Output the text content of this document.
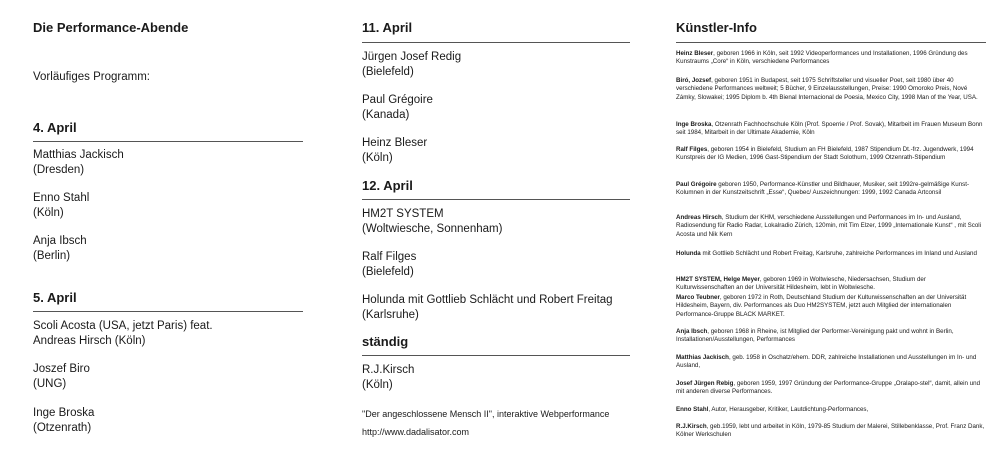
Die Performance-Abende
Vorläufiges Programm:
4. April
Matthias Jackisch
(Dresden)
Enno Stahl
(Köln)
Anja Ibsch
(Berlin)
5. April
Scoli Acosta (USA, jetzt Paris) feat.
Andreas Hirsch (Köln)
Joszef Biro
(UNG)
Inge Broska
(Otzenrath)
11. April
Jürgen Josef Redig
(Bielefeld)
Paul Grégoire
(Kanada)
Heinz Bleser
(Köln)
12. April
HM2T SYSTEM
(Woltwiesche, Sonnenham)
Ralf Filges
(Bielefeld)
Holunda mit Gottlieb Schlächt und Robert Freitag
(Karlsruhe)
ständig
R.J.Kirsch
(Köln)
"Der angeschlossene Mensch II", interaktive Webperformance
http://www.dadalisator.com
Künstler-Info
Heinz Bleser, geboren 1966 in Köln, seit 1992 Videoperformances und Installationen, 1996 Gründung des Kunstraums „Core“ in Köln, verschiedene Performances
Biró, Jozsef, geboren 1951 in Budapest, seit 1975 Schriftsteller und visueller Poet, seit 1980 über 40 verschiedene Performances weltweit; 5 Bücher, 9 Einzelausstellungen, Preise: 1990 Omoroko Preis, Nové Zámky, Slowakei; 1995 Diplom b. 4th Bienal Internacional de Poesia, Mexico City, 1998 Man of the Year, USA.
Inge Broska, Otzenrath Fachhochschule Köln (Prof. Spoerrie / Prof. Sovak), Mitarbeit im Frauen Museum Bonn seit 1984, Mitarbeit in der Ultimate Akademie, Köln
Ralf Filges, geboren 1954 in Bielefeld, Studium an FH Bielefeld, 1987 Stipendium Dt.-frz. Jugendwerk, 1994 Kunstpreis der IG Medien, 1996 Gast-Stipendium der Stadt Solothurn, 1999 Otzenrath-Stipendium
Paul Grégoire geboren 1950, Performance-Künstler und Bildhauer, Musiker, seit 1992re-gelmäßige Kunst-Kolumnen in der Kunstzeitschrift „Esse“, Quebec/ Auszeichnungen: 1999, 1992 Canada Artconsil
Andreas Hirsch, Studium der KHM, verschiedene Ausstellungen und Performances im In- und Ausland, Radiosendung für Radio Radar, Lokalradio Zürich, 120min, mit Tim Elzer, 1999 „Internationale Kunst“ , mit Scoli Acosta und Nik Kern
Holunda mit Gottlieb Schlächt und Robert Freitag, Karlsruhe, zahlreiche Performances im Inland und Ausland
HM2T SYSTEM, Helge Meyer, geboren 1969 in Woltwiesche, Niedersachsen, Studium der Kulturwissenschaften an der Universität Hildesheim, lebt in Woltwiesche.
Marco Teubner, geboren 1972 in Roth, Deutschland Studium der Kulturwissenschaften an der Universität Hildesheim, Bayern, div. Performances als Duo HM2SYSTEM, jetzt auch Mitglied der internationalen Performance-Gruppe BLACK MARKET.
Anja Ibsch, geboren 1968 in Rheine, ist Mitglied der Performer-Vereinigung pakt und wohnt in Berlin, Installationen/Ausstellungen, Performances
Matthias Jackisch, geb. 1958 in Oschatz/ehem. DDR, zahlreiche Installationen und Ausstellungen im In- und Ausland,
Josef Jürgen Rebig, geboren 1959, 1997 Gründung der Performance-Gruppe „Oralapo-stel“, damit, allein und mit anderen diverse Performances.
Enno Stahl, Autor, Herausgeber, Kritiker, Lautdichtung-Performances,
R.J.Kirsch, geb.1959, lebt und arbeitet in Köln, 1979-85 Studium der Malerei, Stillebenklasse, Prof. Franz Dank, Kölner Werkschulen
